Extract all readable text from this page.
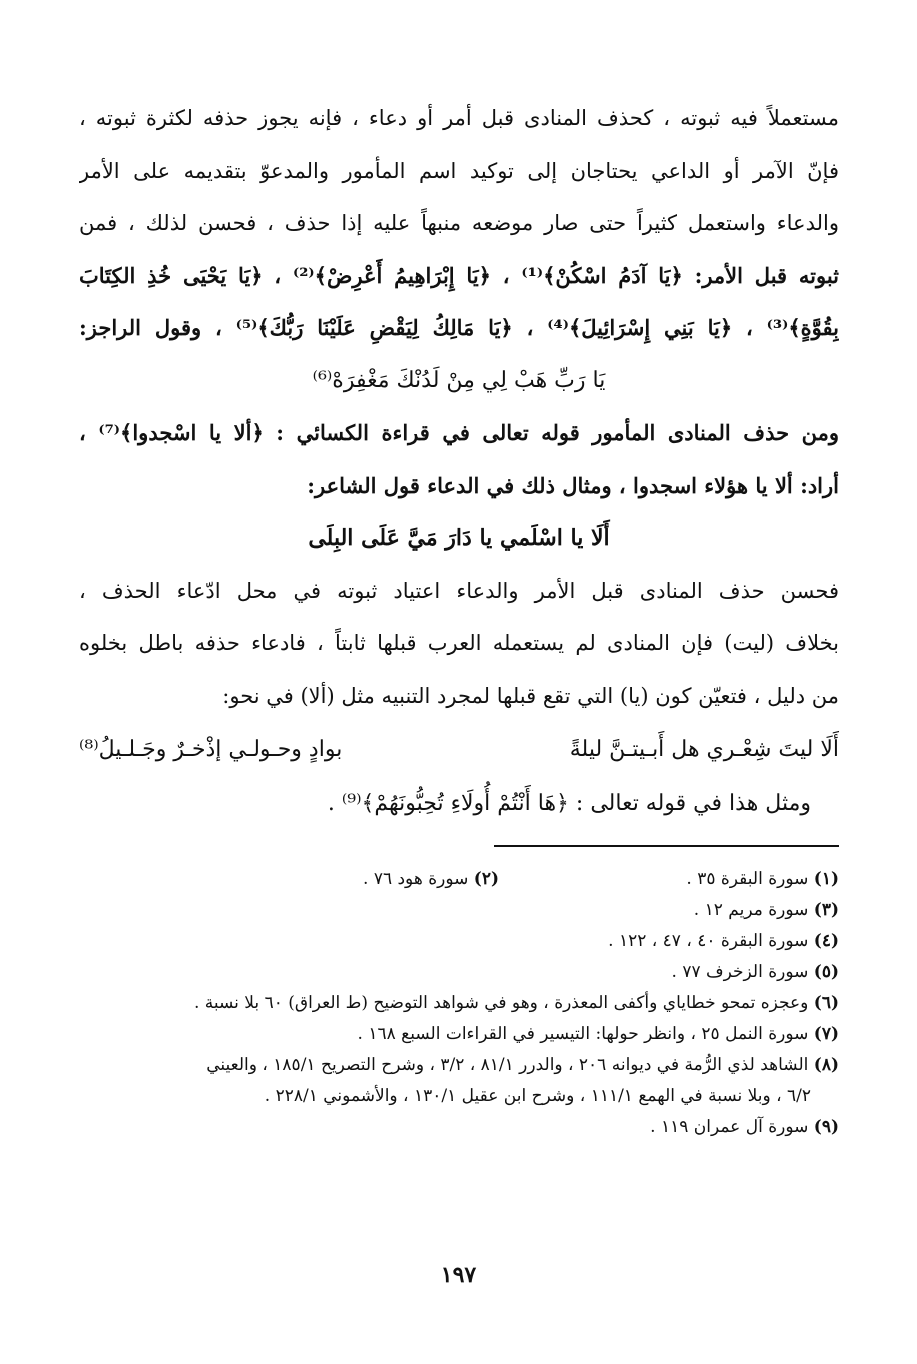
مستعملاً فيه ثبوته ، كحذف المنادى قبل أمر أو دعاء ، فإنه يجوز حذفه لكثرة ثبوته ،
فإنّ الآمر أو الداعي يحتاجان إلى توكيد اسم المأمور والمدعوّ بتقديمه على الأمر
والدعاء واستعمل كثيراً حتى صار موضعه منبهاً عليه إذا حذف ، فحسن لذلك ، فمن
ثبوته قبل الأمر: ﴿يَا آدَمُ اسْكُنْ﴾⁽¹⁾ ، ﴿يَا إِبْرَاهِيمُ أَعْرِضْ﴾⁽²⁾ ، ﴿يَا يَحْيَى خُذِ الكِتَابَ
بِقُوَّةٍ﴾⁽³⁾ ، ﴿يَا بَنِي إِسْرَائِيلَ﴾⁽⁴⁾ ، ﴿يَا مَالِكُ لِيَقْضِ عَلَيْنَا رَبُّكَ﴾⁽⁵⁾ ، وقول الراجز:
يَا رَبِّ هَبْ لِي مِنْ لَدُنْكَ مَغْفِرَهْ⁽⁶⁾
ومن حذف المنادى المأمور قوله تعالى في قراءة الكسائي : ﴿ألا يا اسْجدوا﴾⁽⁷⁾ ،
أراد: ألا يا هؤلاء اسجدوا ، ومثال ذلك في الدعاء قول الشاعر:
أَلَا يا اسْلَمي يا دَارَ مَيَّ عَلَى البِلَى
فحسن حذف المنادى قبل الأمر والدعاء اعتياد ثبوته في محل ادّعاء الحذف ،
بخلاف (ليت) فإن المنادى لم يستعمله العرب قبلها ثابتاً ، فادعاء حذفه باطل بخلوه
من دليل ، فتعيّن كون (يا) التي تقع قبلها لمجرد التنبيه مثل (ألا) في نحو:
أَلَا ليتَ شِعْـري هل أَبـيتـنَّ ليلةً
بوادٍ وحـولـي إذْخـرٌ وجَـلـيلُ⁽⁸⁾
ومثل هذا في قوله تعالى : ﴿هَا أَنْتُمْ أُولَاءِ تُحِبُّونَهُمْ﴾⁽⁹⁾ .
(١) سورة البقرة ٣٥ .
(٢) سورة هود ٧٦ .
(٣) سورة مريم ١٢ .
(٤) سورة البقرة ٤٠ ، ٤٧ ، ١٢٢ .
(٥) سورة الزخرف ٧٧ .
(٦) وعجزه تمحو خطاياي وأكفى المعذرة ، وهو في شواهد التوضيح (ط العراق) ٦٠ بلا نسبة .
(٧) سورة النمل ٢٥ ، وانظر حولها: التيسير في القراءات السبع ١٦٨ .
(٨) الشاهد لذي الرُّمة في ديوانه ٢٠٦ ، والدرر ٨١/١ ، ٣/٢ ، وشرح التصريح ١٨٥/١ ، والعيني
٦/٢ ، وبلا نسبة في الهمع ١١١/١ ، وشرح ابن عقيل ١٣٠/١ ، والأشموني ٢٢٨/١ .
(٩) سورة آل عمران ١١٩ .
١٩٧
